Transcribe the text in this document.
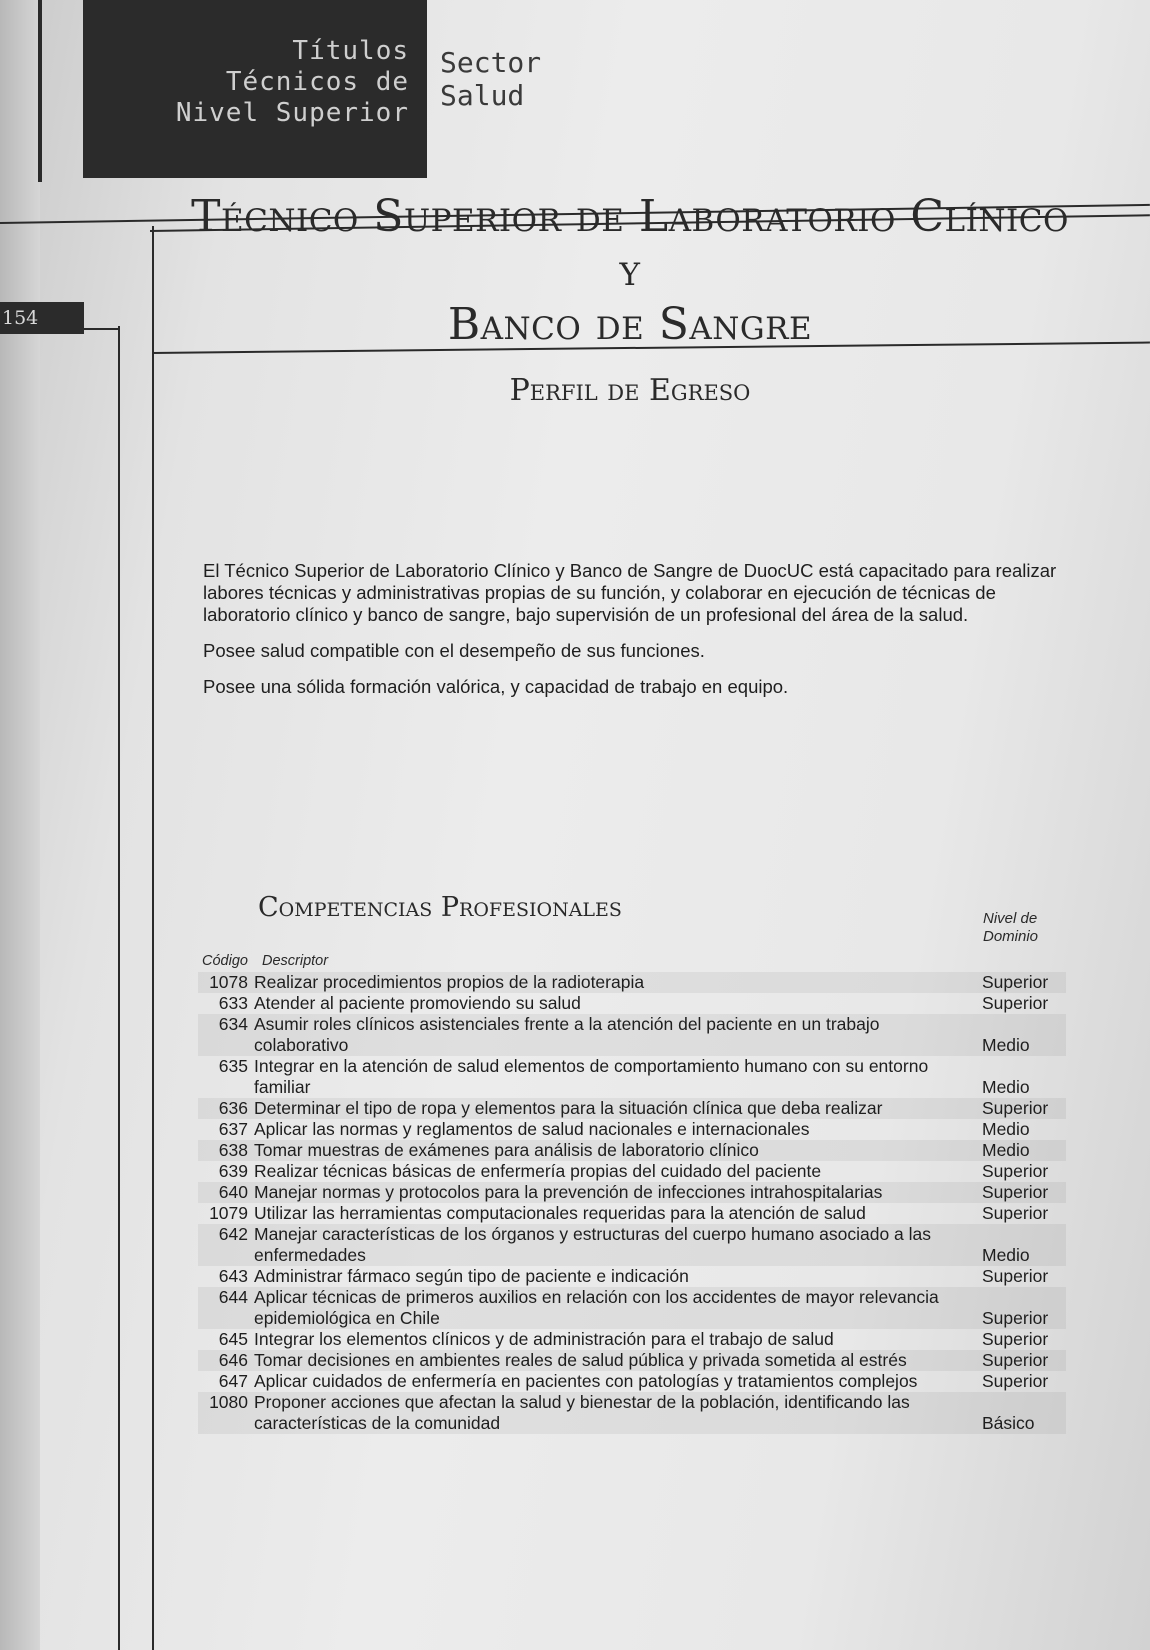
Títulos
Técnicos de
Nivel Superior
Sector
Salud
154
Técnico Superior de Laboratorio Clínico y
Banco de Sangre
Perfil de Egreso

El Técnico Superior de Laboratorio Clínico y Banco de Sangre de DuocUC está capacitado para realizar labores técnicas y administrativas propias de su función, y colaborar en ejecución de técnicas de laboratorio clínico y banco de sangre, bajo supervisión de un profesional del área de la salud.

Posee salud compatible con el desempeño de sus funciones.

Posee una sólida formación valórica, y capacidad de trabajo en equipo.

Competencias Profesionales	Nivel de
Dominio
Código Descriptor
1078	Realizar procedimientos propios de la radioterapia	Superior
633	Atender al paciente promoviendo su salud	Superior
634	Asumir roles clínicos asistenciales frente a la atención del paciente en un trabajo colaborativo	Medio
635	Integrar en la atención de salud elementos de comportamiento humano con su entorno familiar	Medio
636	Determinar el tipo de ropa y elementos para la situación clínica que deba realizar	Superior
637	Aplicar las normas y reglamentos de salud nacionales e internacionales	Medio
638	Tomar muestras de exámenes para análisis de laboratorio clínico	Medio
639	Realizar técnicas básicas de enfermería propias del cuidado del paciente	Superior
640	Manejar normas y protocolos para la prevención de infecciones intrahospitalarias	Superior
1079	Utilizar las herramientas computacionales requeridas para la atención de salud	Superior
642	Manejar características de los órganos y estructuras del cuerpo humano asociado a las enfermedades	Medio
643	Administrar fármaco según tipo de paciente e indicación	Superior
644	Aplicar técnicas de primeros auxilios en relación con los accidentes de mayor relevancia epidemiológica en Chile	Superior
645	Integrar los elementos clínicos y de administración para el trabajo de salud	Superior
646	Tomar decisiones en ambientes reales de salud pública y privada sometida al estrés	Superior
647	Aplicar cuidados de enfermería en pacientes con patologías y tratamientos complejos	Superior
1080	Proponer acciones que afectan la salud y bienestar de la población, identificando las características de la comunidad	Básico
